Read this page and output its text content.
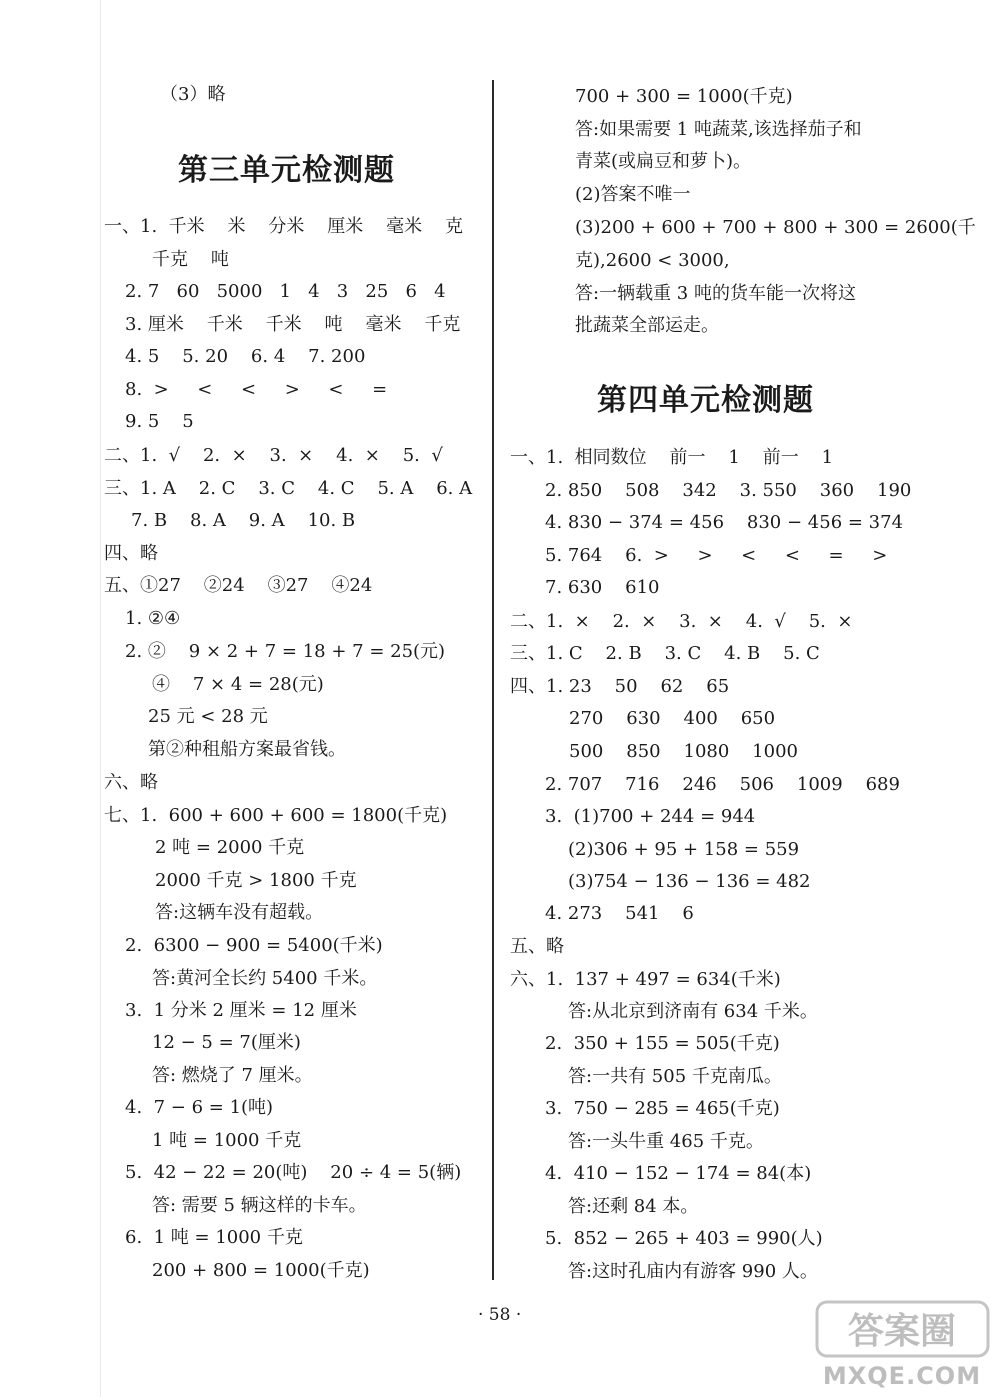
（3）略
第三单元检测题
一、1.  千米    米    分米    厘米    毫米    克
千克    吨
2. 7   60   5000   1   4   3   25   6   4
3. 厘米    千米    千米    吨    毫米    千克
4. 5    5. 20    6. 4    7. 200
8.  >     <     <     >     <     =
9. 5    5
二、1.  √    2.  ×    3.  ×    4.  ×    5.  √
三、1. A    2. C    3. C    4. C    5. A    6. A
7. B    8. A    9. A    10. B
四、略
五、①27    ②24    ③27    ④24
1. ②④
2. ②    9 × 2 + 7 = 18 + 7 = 25(元)
④    7 × 4 = 28(元)
25 元 < 28 元
第②种租船方案最省钱。
六、略
七、1.  600 + 600 + 600 = 1800(千克)
2 吨 = 2000 千克
2000 千克 > 1800 千克
答:这辆车没有超载。
2.  6300 − 900 = 5400(千米)
答:黄河全长约 5400 千米。
3.  1 分米 2 厘米 = 12 厘米
12 − 5 = 7(厘米)
答: 燃烧了 7 厘米。
4.  7 − 6 = 1(吨)
1 吨 = 1000 千克
5.  42 − 22 = 20(吨)    20 ÷ 4 = 5(辆)
答: 需要 5 辆这样的卡车。
6.  1 吨 = 1000 千克
200 + 800 = 1000(千克)
700 + 300 = 1000(千克)
答:如果需要 1 吨蔬菜,该选择茄子和
青菜(或扁豆和萝卜)。
(2)答案不唯一
(3)200 + 600 + 700 + 800 + 300 = 2600(千
克),2600 < 3000,
答:一辆载重 3 吨的货车能一次将这
批蔬菜全部运走。
第四单元检测题
一、1.  相同数位    前一    1    前一    1
2. 850    508    342    3. 550    360    190
4. 830 − 374 = 456    830 − 456 = 374
5. 764    6.  >     >     <     <     =     >
7. 630    610
二、1.  ×    2.  ×    3.  ×    4.  √    5.  ×
三、1. C    2. B    3. C    4. B    5. C
四、1. 23    50    62    65
270    630    400    650
500    850    1080    1000
2. 707    716    246    506    1009    689
3.  (1)700 + 244 = 944
(2)306 + 95 + 158 = 559
(3)754 − 136 − 136 = 482
4. 273    541    6
五、略
六、1.  137 + 497 = 634(千米)
答:从北京到济南有 634 千米。
2.  350 + 155 = 505(千克)
答:一共有 505 千克南瓜。
3.  750 − 285 = 465(千克)
答:一头牛重 465 千克。
4.  410 − 152 − 174 = 84(本)
答:还剩 84 本。
5.  852 − 265 + 403 = 990(人)
答:这时孔庙内有游客 990 人。
· 58 ·	答案圈
MXQE.COM
